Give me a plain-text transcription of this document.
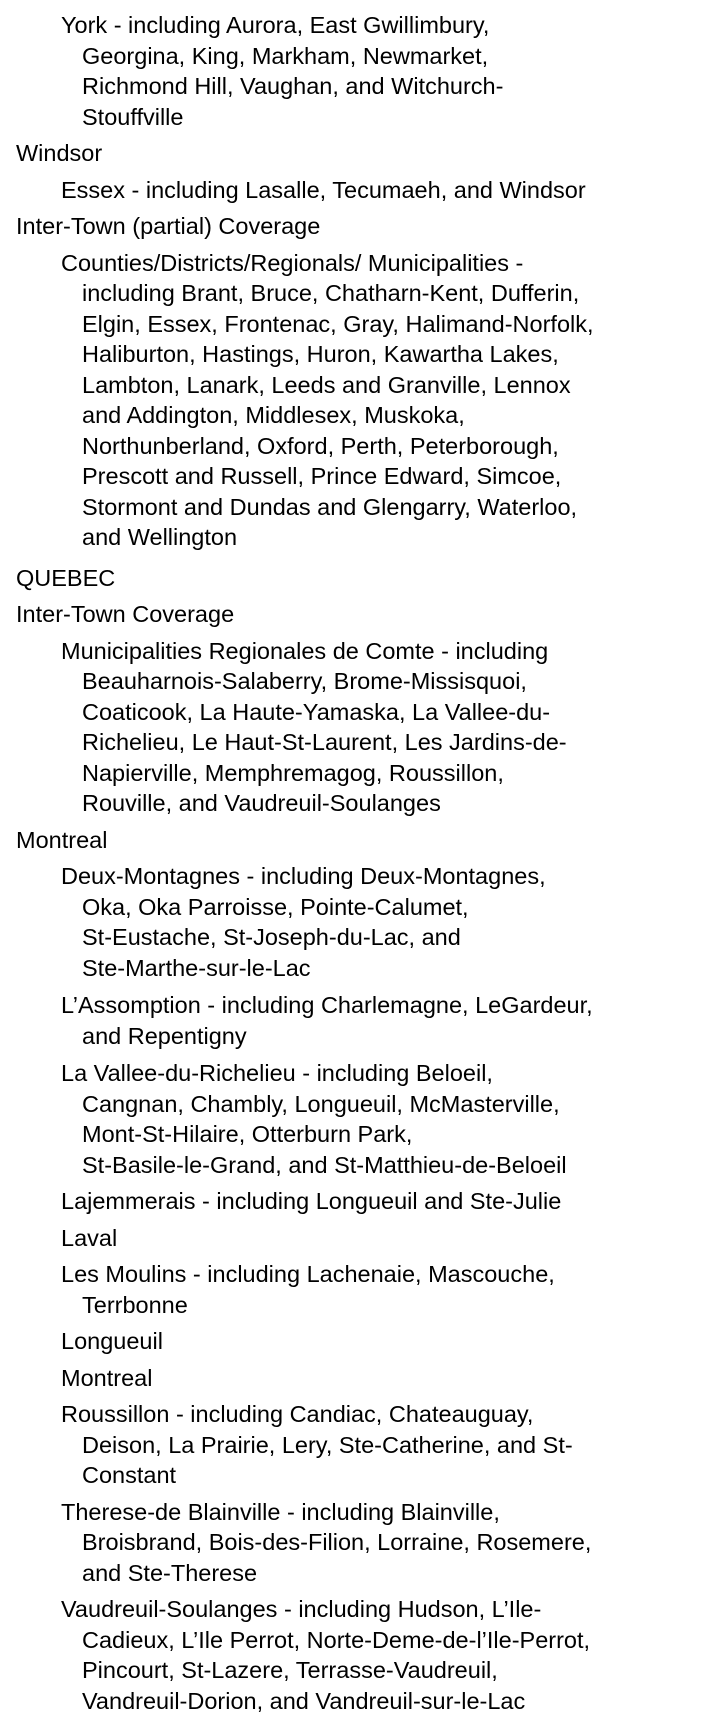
York - including Aurora, East Gwillimbury,
Georgina, King, Markham, Newmarket,
Richmond Hill, Vaughan, and Witchurch-
Stouffville
Windsor
Essex - including Lasalle, Tecumaeh, and Windsor
Inter-Town (partial) Coverage
Counties/Districts/Regionals/ Municipalities -
including Brant, Bruce, Chatharn-Kent, Dufferin,
Elgin, Essex, Frontenac, Gray, Halimand-Norfolk,
Haliburton, Hastings, Huron, Kawartha Lakes,
Lambton, Lanark, Leeds and Granville, Lennox
and Addington, Middlesex, Muskoka,
Northunberland, Oxford, Perth, Peterborough,
Prescott and Russell, Prince Edward, Simcoe,
Stormont and Dundas and Glengarry, Waterloo,
and Wellington
QUEBEC
Inter-Town Coverage
Municipalities Regionales de Comte - including
Beauharnois-Salaberry, Brome-Missisquoi,
Coaticook, La Haute-Yamaska, La Vallee-du-
Richelieu, Le Haut-St-Laurent, Les Jardins-de-
Napierville, Memphremagog, Roussillon,
Rouville, and Vaudreuil-Soulanges
Montreal
Deux-Montagnes - including Deux-Montagnes,
Oka, Oka Parroisse, Pointe-Calumet,
St-Eustache, St-Joseph-du-Lac, and
Ste-Marthe-sur-le-Lac
L’Assomption - including Charlemagne, LeGardeur,
and Repentigny
La Vallee-du-Richelieu - including Beloeil,
Cangnan, Chambly, Longueuil, McMasterville,
Mont-St-Hilaire, Otterburn Park,
St-Basile-le-Grand, and St-Matthieu-de-Beloeil
Lajemmerais - including Longueuil and Ste-Julie
Laval
Les Moulins - including Lachenaie, Mascouche,
Terrbonne
Longueuil
Montreal
Roussillon - including Candiac, Chateauguay,
Deison, La Prairie, Lery, Ste-Catherine, and St-
Constant
Therese-de Blainville - including Blainville,
Broisbrand, Bois-des-Filion, Lorraine, Rosemere,
and Ste-Therese
Vaudreuil-Soulanges - including Hudson, L’Ile-
Cadieux, L’Ile Perrot, Norte-Deme-de-l’Ile-Perrot,
Pincourt, St-Lazere, Terrasse-Vaudreuil,
Vandreuil-Dorion, and Vandreuil-sur-le-Lac
